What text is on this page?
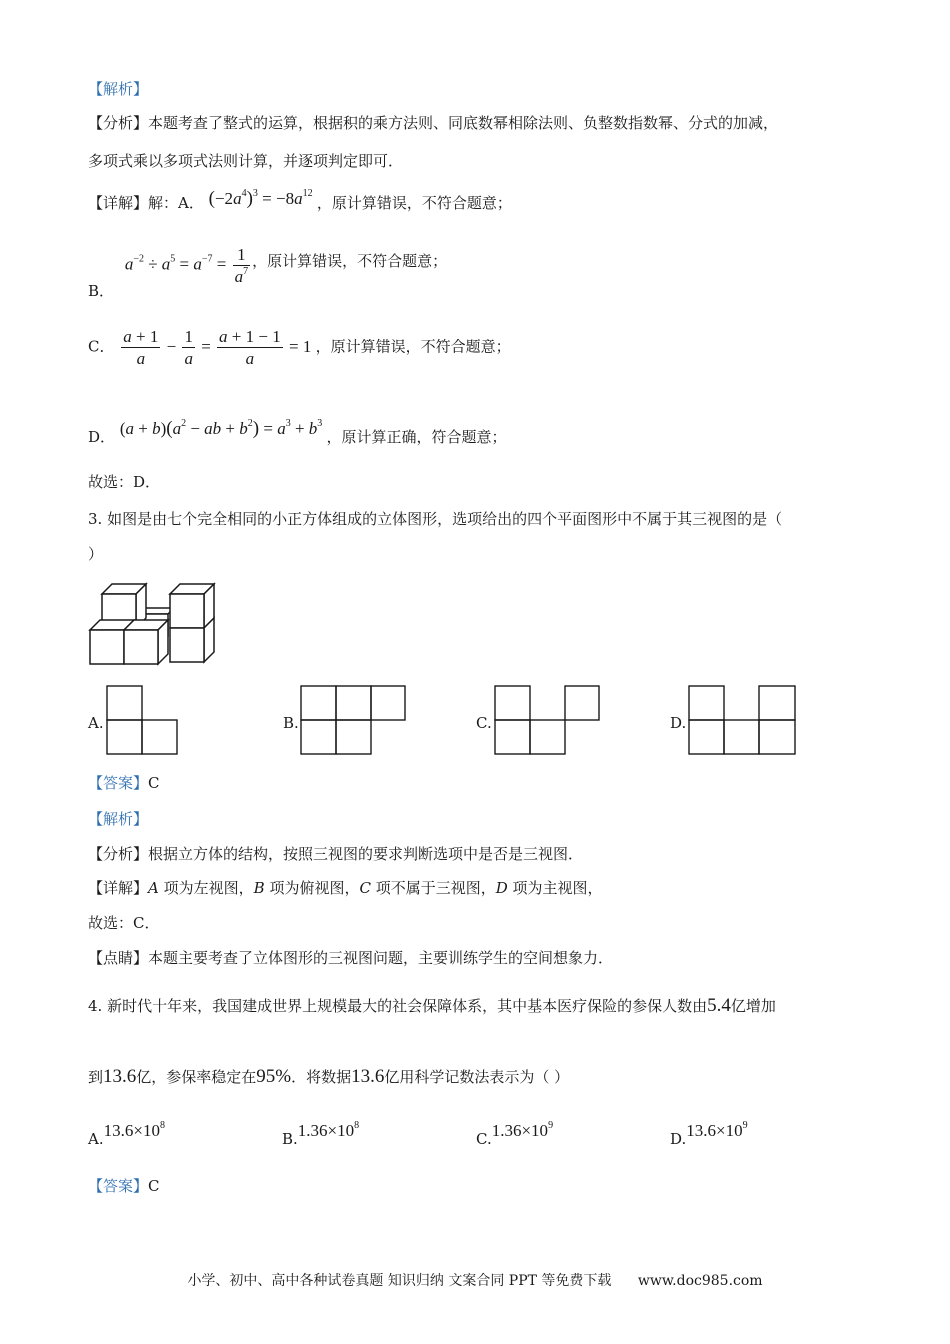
【解析】
【分析】本题考查了整式的运算，根据积的乘方法则、同底数幂相除法则、负整数指数幂、分式的加减，
多项式乘以多项式法则计算，并逐项判定即可．
【详解】解：A． $(-2a^4)^3 = -8a^{12}$ ，原计算错误，不符合题意；
B． $a^{-2} \div a^5 = a^{-7} = \frac{1}{a^7}$ ，原计算错误，不符合题意；
C． $\frac{a + 1}{a} - \frac{1}{a} = \frac{a + 1 - 1}{a} = 1$ ，原计算错误，不符合题意；
D． $(a + b)(a^2$ − ab + $b^2) = a^3 + b^3$ ，原计算正确，符合题意；
故选：D．
3. 如图是由七个完全相同的小正方体组成的立体图形，选项给出的四个平面图形中不属于其三视图的是（
）
A.	B.	C.	D.
【答案】C
【解析】
【分析】根据立方体的结构，按照三视图的要求判断选项中是否是三视图．
【详解】A 项为左视图，B 项为俯视图，C 项不属于三视图，D 项为主视图，
故选：C．
【点睛】本题主要考查了立体图形的三视图问题，主要训练学生的空间想象力．
4. 新时代十年来，我国建成世界上规模最大的社会保障体系，其中基本医疗保险的参保人数由5.4亿增加
到13.6亿，参保率稳定在95%．将数据13.6亿用科学记数法表示为（ ）
$A.13.6\times 10^8$
$B.1.36\times 10^8$
$C.1.36\times 10^9$
$D.13.6\times 10^9$
【答案】C
小学、初中、高中各种试卷真题 知识归纳 文案合同 PPT 等免费下载 www.doc985.com
